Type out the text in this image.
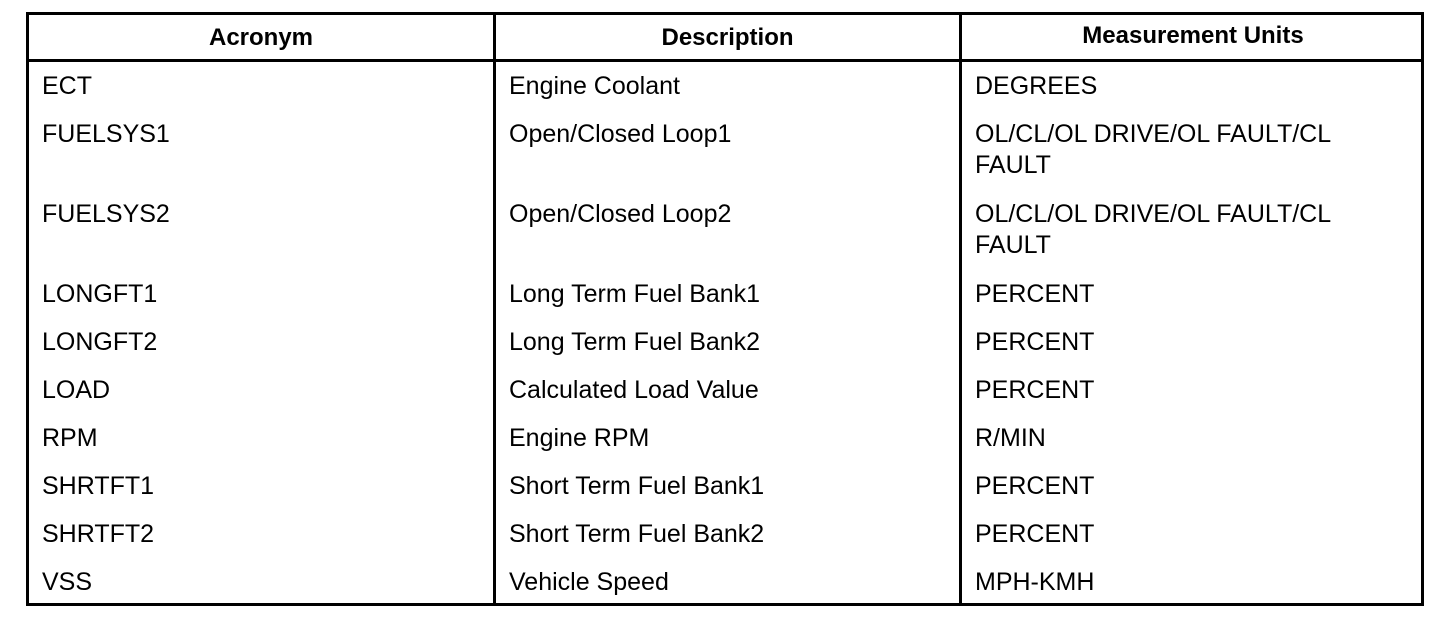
Acronym	Description	Measurement Units
ECT	Engine Coolant	DEGREES
FUELSYS1	Open/Closed Loop1	OL/CL/OL DRIVE/OL FAULT/CL FAULT
FUELSYS2	Open/Closed Loop2	OL/CL/OL DRIVE/OL FAULT/CL FAULT
LONGFT1	Long Term Fuel Bank1	PERCENT
LONGFT2	Long Term Fuel Bank2	PERCENT
LOAD	Calculated Load Value	PERCENT
RPM	Engine RPM	R/MIN
SHRTFT1	Short Term Fuel Bank1	PERCENT
SHRTFT2	Short Term Fuel Bank2	PERCENT
VSS	Vehicle Speed	MPH-KMH
